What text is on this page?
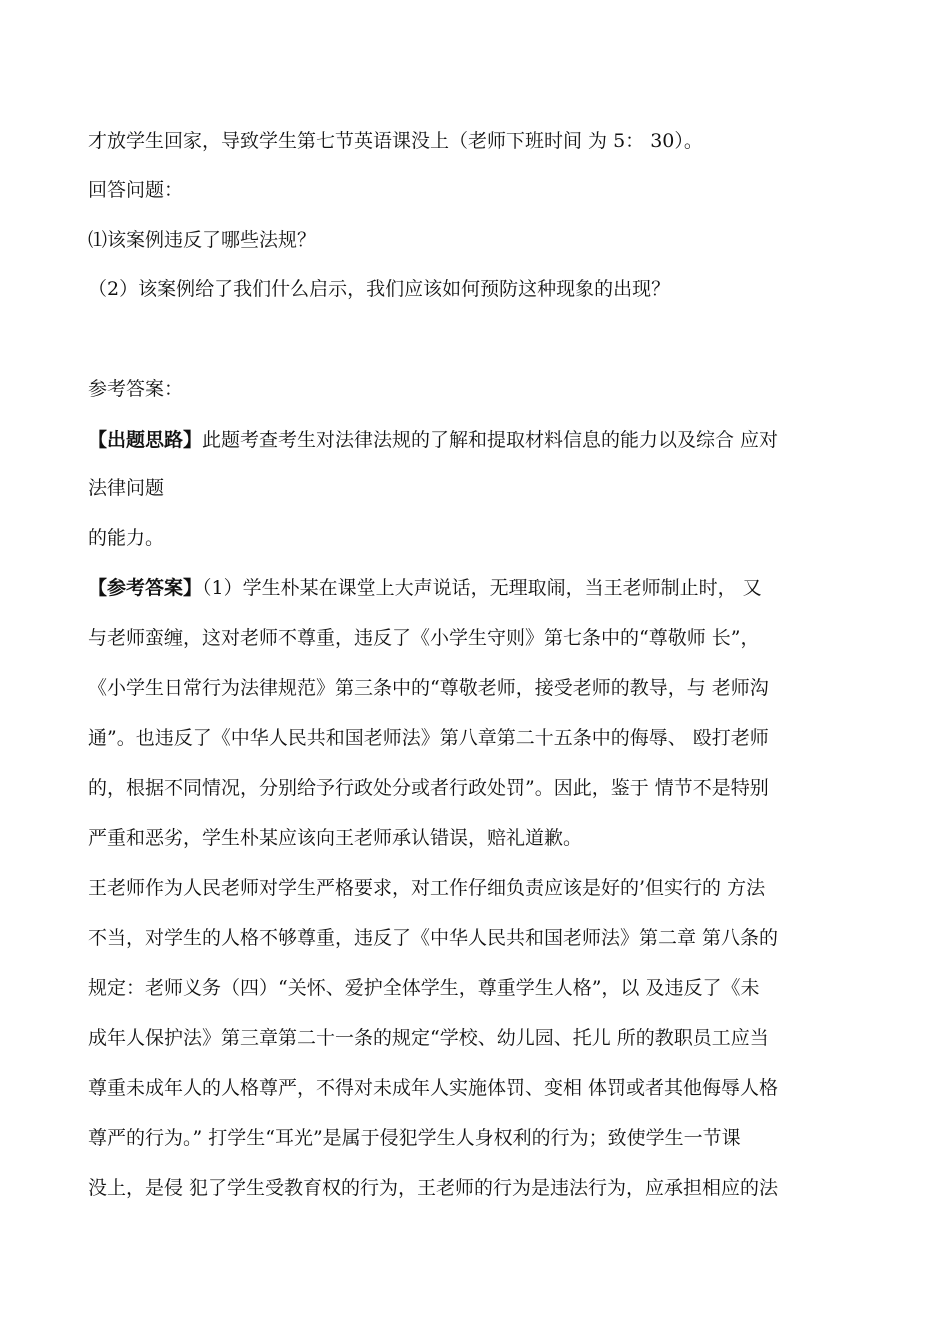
才放学生回家，导致学生第七节英语课没上（老师下班时间 为 5： 30）。
回答问题：
⑴该案例违反了哪些法规？
（2）该案例给了我们什么启示，我们应该如何预防这种现象的出现？
参考答案：
【出题思路】此题考查考生对法律法规的了解和提取材料信息的能力以及综合 应对
法律问题
的能力。
【参考答案】（1）学生朴某在课堂上大声说话，无理取闹，当王老师制止时， 又
与老师蛮缠，这对老师不尊重，违反了《小学生守则》第七条中的“尊敬师 长”，
《小学生日常行为法律规范》第三条中的“尊敬老师，接受老师的教导，与 老师沟
通”。也违反了《中华人民共和国老师法》第八章第二十五条中的侮辱、 殴打老师
的，根据不同情况，分别给予行政处分或者行政处罚”。因此，鉴于 情节不是特别
严重和恶劣，学生朴某应该向王老师承认错误，赔礼道歉。
王老师作为人民老师对学生严格要求，对工作仔细负责应该是好的’但实行的 方法
不当，对学生的人格不够尊重，违反了《中华人民共和国老师法》第二章 第八条的
规定：老师义务（四）“关怀、爱护全体学生，尊重学生人格”，以 及违反了《未
成年人保护法》第三章第二十一条的规定“学校、幼儿园、托儿 所的教职员工应当
尊重未成年人的人格尊严，不得对未成年人实施体罚、变相 体罚或者其他侮辱人格
尊严的行为。” 打学生“耳光”是属于侵犯学生人身权利的行为；致使学生一节课
没上，是侵 犯了学生受教育权的行为，王老师的行为是违法行为，应承担相应的法
